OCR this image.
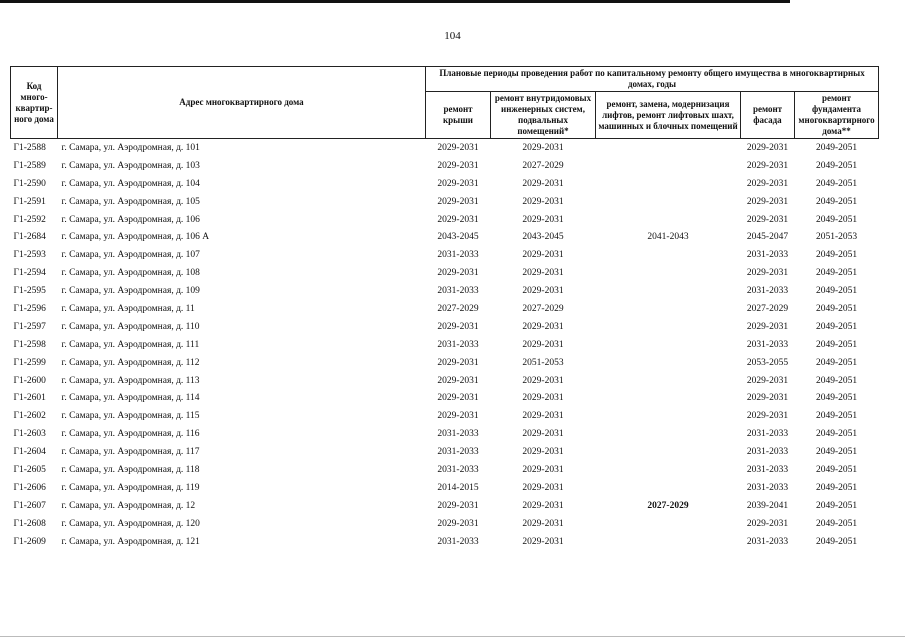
104
Код много-квартир-ного дома	Адрес многоквартирного дома	Плановые периоды проведения работ по капитальному ремонту общего имущества в многоквартирных домах, годы				
		ремонт крыши	ремонт внутридомовых инженерных систем, подвальных помещений*	ремонт, замена, модернизация лифтов, ремонт лифтовых шахт, машинных и блочных помещений	ремонт фасада	ремонт фундамента многоквартирного дома**
Г1-2588	г. Самара, ул. Аэродромная, д. 101	2029-2031	2029-2031		2029-2031	2049-2051
Г1-2589	г. Самара, ул. Аэродромная, д. 103	2029-2031	2027-2029		2029-2031	2049-2051
Г1-2590	г. Самара, ул. Аэродромная, д. 104	2029-2031	2029-2031		2029-2031	2049-2051
Г1-2591	г. Самара, ул. Аэродромная, д. 105	2029-2031	2029-2031		2029-2031	2049-2051
Г1-2592	г. Самара, ул. Аэродромная, д. 106	2029-2031	2029-2031		2029-2031	2049-2051
Г1-2684	г. Самара, ул. Аэродромная, д. 106 А	2043-2045	2043-2045	2041-2043	2045-2047	2051-2053
Г1-2593	г. Самара, ул. Аэродромная, д. 107	2031-2033	2029-2031		2031-2033	2049-2051
Г1-2594	г. Самара, ул. Аэродромная, д. 108	2029-2031	2029-2031		2029-2031	2049-2051
Г1-2595	г. Самара, ул. Аэродромная, д. 109	2031-2033	2029-2031		2031-2033	2049-2051
Г1-2596	г. Самара, ул. Аэродромная, д. 11	2027-2029	2027-2029		2027-2029	2049-2051
Г1-2597	г. Самара, ул. Аэродромная, д. 110	2029-2031	2029-2031		2029-2031	2049-2051
Г1-2598	г. Самара, ул. Аэродромная, д. 111	2031-2033	2029-2031		2031-2033	2049-2051
Г1-2599	г. Самара, ул. Аэродромная, д. 112	2029-2031	2051-2053		2053-2055	2049-2051
Г1-2600	г. Самара, ул. Аэродромная, д. 113	2029-2031	2029-2031		2029-2031	2049-2051
Г1-2601	г. Самара, ул. Аэродромная, д. 114	2029-2031	2029-2031		2029-2031	2049-2051
Г1-2602	г. Самара, ул. Аэродромная, д. 115	2029-2031	2029-2031		2029-2031	2049-2051
Г1-2603	г. Самара, ул. Аэродромная, д. 116	2031-2033	2029-2031		2031-2033	2049-2051
Г1-2604	г. Самара, ул. Аэродромная, д. 117	2031-2033	2029-2031		2031-2033	2049-2051
Г1-2605	г. Самара, ул. Аэродромная, д. 118	2031-2033	2029-2031		2031-2033	2049-2051
Г1-2606	г. Самара, ул. Аэродромная, д. 119	2014-2015	2029-2031		2031-2033	2049-2051
Г1-2607	г. Самара, ул. Аэродромная, д. 12	2029-2031	2029-2031	2027-2029	2039-2041	2049-2051
Г1-2608	г. Самара, ул. Аэродромная, д. 120	2029-2031	2029-2031		2029-2031	2049-2051
Г1-2609	г. Самара, ул. Аэродромная, д. 121	2031-2033	2029-2031		2031-2033	2049-2051
